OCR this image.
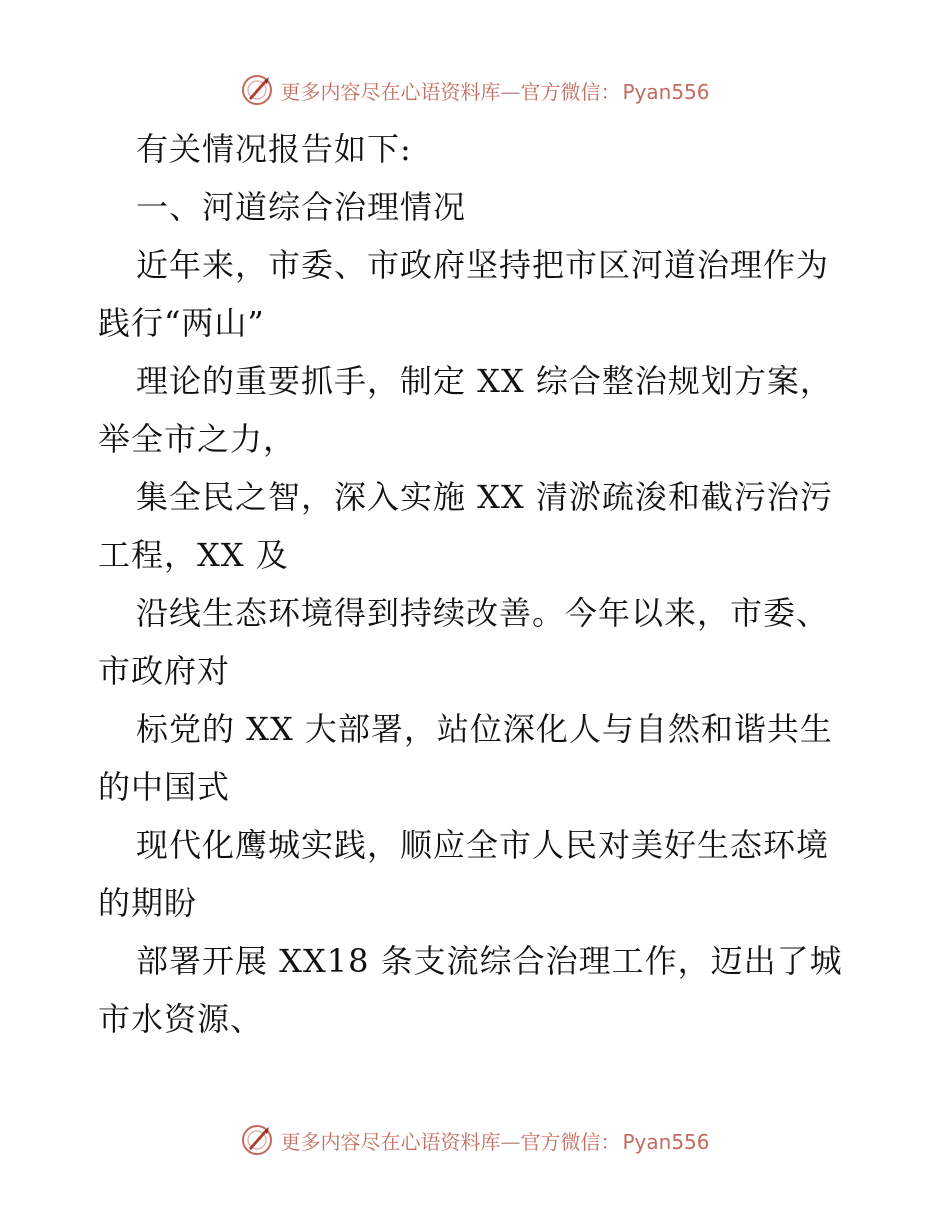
更多内容尽在心语资料库—官方微信： Pyan556
有关情况报告如下:
一、河道综合治理情况
近年来，市委、市政府坚持把市区河道治理作为
践行“两山”
理论的重要抓手，制定 XX 综合整治规划方案，
举全市之力，
集全民之智，深入实施 XX 清淤疏浚和截污治污
工程，XX 及
沿线生态环境得到持续改善。今年以来，市委、
市政府对
标党的 XX 大部署，站位深化人与自然和谐共生
的中国式
现代化鹰城实践，顺应全市人民对美好生态环境
的期盼
部署开展 XX18 条支流综合治理工作，迈出了城
市水资源、
更多内容尽在心语资料库—官方微信： Pyan556
